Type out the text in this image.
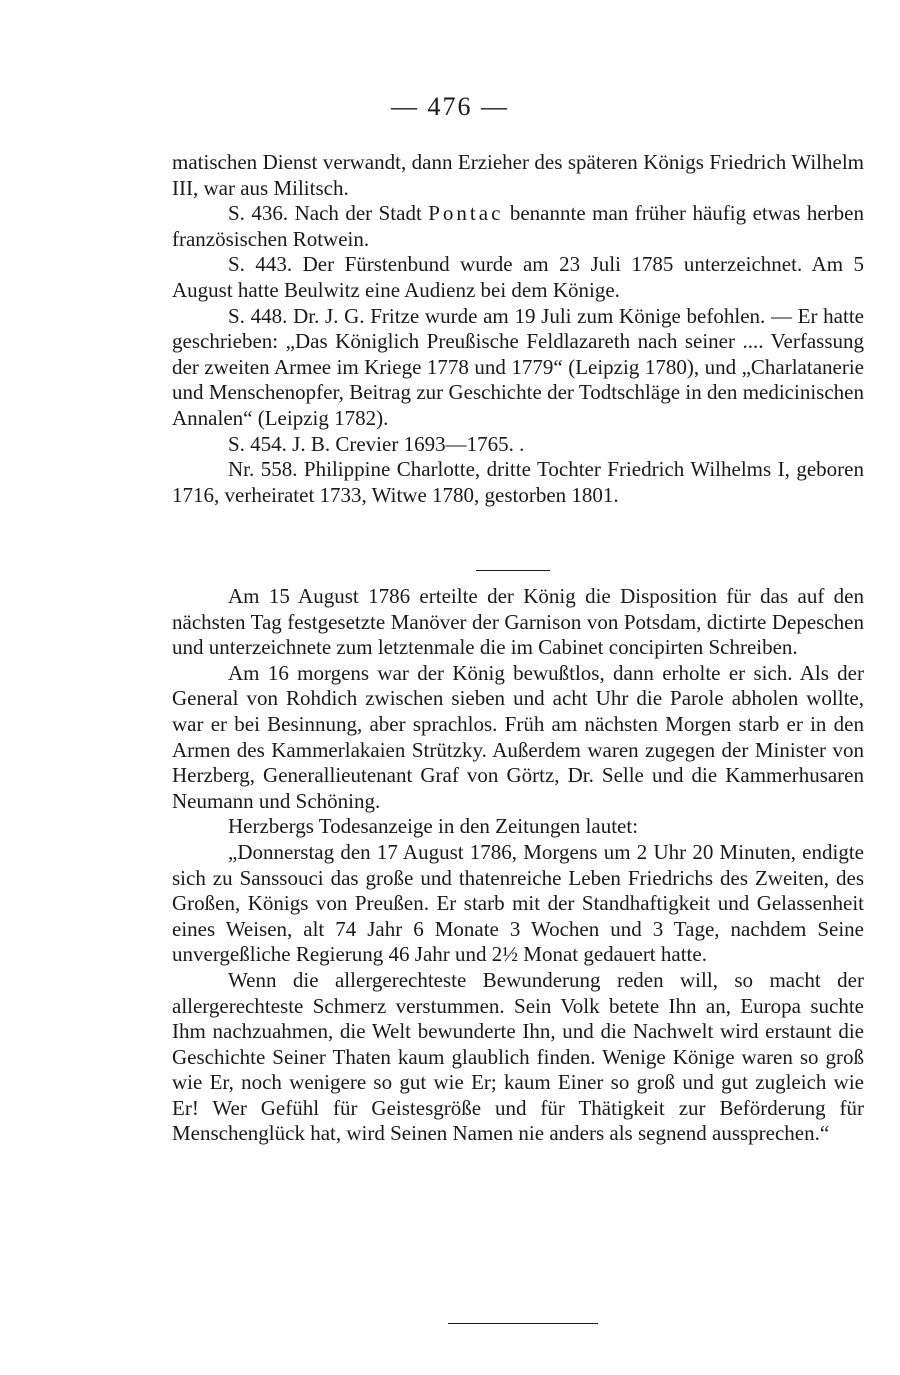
— 476 —

matischen Dienst verwandt, dann Erzieher des späteren Königs Friedrich Wilhelm III, war aus Militsch.

S. 436. Nach der Stadt Pontac benannte man früher häufig etwas herben französischen Rotwein.

S. 443. Der Fürstenbund wurde am 23 Juli 1785 unterzeichnet. Am 5 August hatte Beulwitz eine Audienz bei dem Könige.

S. 448. Dr. J. G. Fritze wurde am 19 Juli zum Könige befohlen. — Er hatte geschrieben: „Das Königlich Preußische Feldlazareth nach seiner .... Verfassung der zweiten Armee im Kriege 1778 und 1779“ (Leipzig 1780), und „Charlatanerie und Menschenopfer, Beitrag zur Geschichte der Todtschläge in den medicinischen Annalen“ (Leipzig 1782).

S. 454. J. B. Crevier 1693—1765. .

Nr. 558. Philippine Charlotte, dritte Tochter Friedrich Wilhelms I, geboren 1716, verheiratet 1733, Witwe 1780, gestorben 1801.

Am 15 August 1786 erteilte der König die Disposition für das auf den nächsten Tag festgesetzte Manöver der Garnison von Potsdam, dictirte Depeschen und unterzeichnete zum letztenmale die im Cabinet concipirten Schreiben.

Am 16 morgens war der König bewußtlos, dann erholte er sich. Als der General von Rohdich zwischen sieben und acht Uhr die Parole abholen wollte, war er bei Besinnung, aber sprachlos. Früh am nächsten Morgen starb er in den Armen des Kammerlakaien Strützky. Außerdem waren zugegen der Minister von Herzberg, Generallieutenant Graf von Görtz, Dr. Selle und die Kammerhusaren Neumann und Schöning.

Herzbergs Todesanzeige in den Zeitungen lautet:

„Donnerstag den 17 August 1786, Morgens um 2 Uhr 20 Minuten, endigte sich zu Sanssouci das große und thatenreiche Leben Friedrichs des Zweiten, des Großen, Königs von Preußen. Er starb mit der Standhaftigkeit und Gelassenheit eines Weisen, alt 74 Jahr 6 Monate 3 Wochen und 3 Tage, nachdem Seine unvergeßliche Regierung 46 Jahr und 2½ Monat gedauert hatte.

Wenn die allergerechteste Bewunderung reden will, so macht der allergerechteste Schmerz verstummen. Sein Volk betete Ihn an, Europa suchte Ihm nachzuahmen, die Welt bewunderte Ihn, und die Nachwelt wird erstaunt die Geschichte Seiner Thaten kaum glaublich finden. Wenige Könige waren so groß wie Er, noch wenigere so gut wie Er; kaum Einer so groß und gut zugleich wie Er! Wer Gefühl für Geistesgröße und für Thätigkeit zur Beförderung für Menschenglück hat, wird Seinen Namen nie anders als segnend aussprechen.“
